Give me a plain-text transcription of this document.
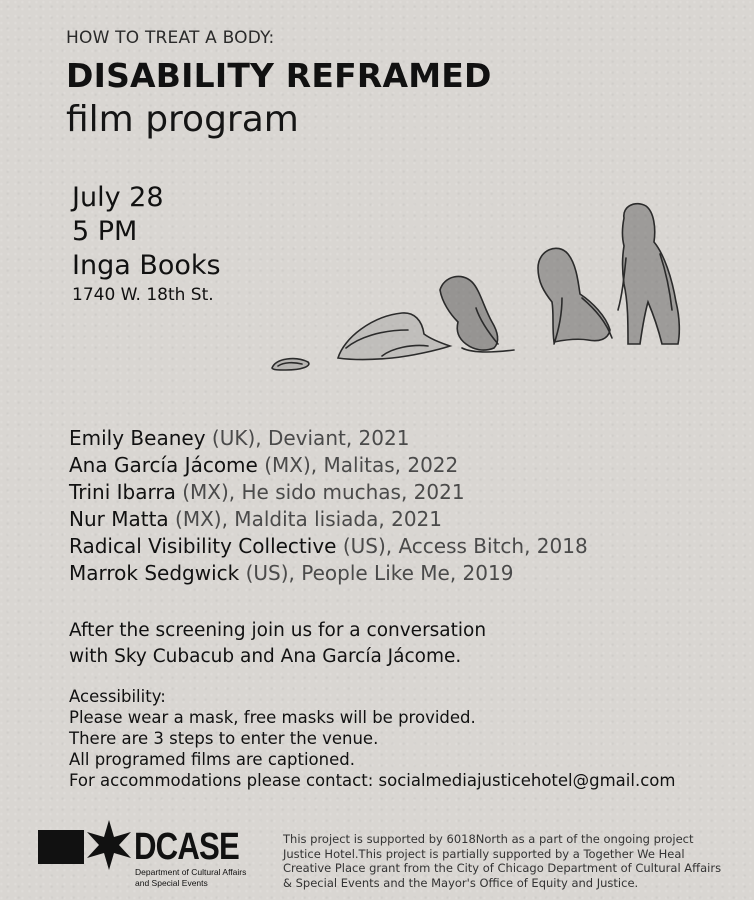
HOW TO TREAT A BODY:
DISABILITY REFRAMED
film program
July 28
5 PM
Inga Books
1740 W. 18th St.
Emily Beaney (UK), Deviant, 2021
Ana García Jácome (MX), Malitas, 2022
Trini Ibarra (MX), He sido muchas, 2021
Nur Matta (MX), Maldita lisiada, 2021
Radical Visibility Collective (US), Access Bitch, 2018
Marrok Sedgwick (US), People Like Me, 2019
After the screening join us for a conversation
with Sky Cubacub and Ana García Jácome.
Acessibility:
Please wear a mask, free masks will be provided.
There are 3 steps to enter the venue.
All programed films are captioned.
For accommodations please contact: socialmediajusticehotel@gmail.com
DCASE
Department of Cultural Affairs
and Special Events
This project is supported by 6018North as a part of the ongoing project Justice Hotel.This project is partially supported by a Together We Heal Creative Place grant from the City of Chicago Department of Cultural Affairs & Special Events and the Mayor's Office of Equity and Justice.
